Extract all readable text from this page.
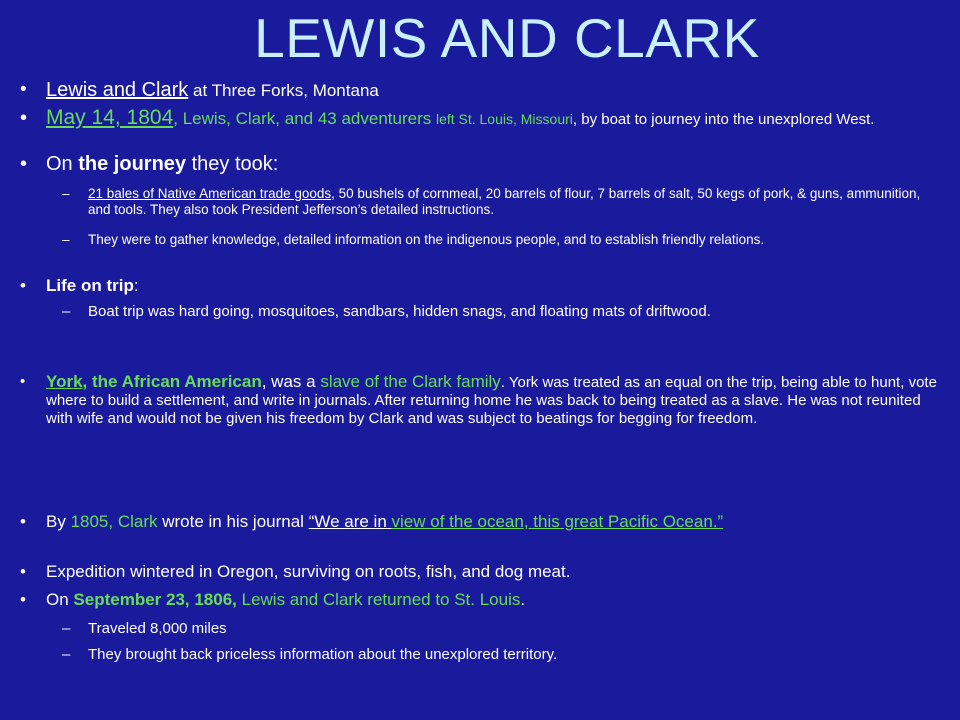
LEWIS AND CLARK
• Lewis and Clark at Three Forks, Montana
• May 14, 1804, Lewis, Clark, and 43 adventurers left St. Louis, Missouri, by boat to journey into the unexplored West.
• On the journey they took:
– 21 bales of Native American trade goods, 50 bushels of cornmeal, 20 barrels of flour, 7 barrels of salt, 50 kegs of pork, & guns, ammunition, and tools. They also took President Jefferson’s detailed instructions.
– They were to gather knowledge, detailed information on the indigenous people, and to establish friendly relations.
• Life on trip:
– Boat trip was hard going, mosquitoes, sandbars, hidden snags, and floating mats of driftwood.
• York, the African American, was a slave of the Clark family. York was treated as an equal on the trip, being able to hunt, vote where to build a settlement, and write in journals. After returning home he was back to being treated as a slave. He was not reunited with wife and would not be given his freedom by Clark and was subject to beatings for begging for freedom.
• By 1805, Clark wrote in his journal “We are in view of the ocean, this great Pacific Ocean.”
• Expedition wintered in Oregon, surviving on roots, fish, and dog meat.
• On September 23, 1806, Lewis and Clark returned to St. Louis.
– Traveled 8,000 miles
– They brought back priceless information about the unexplored territory.
